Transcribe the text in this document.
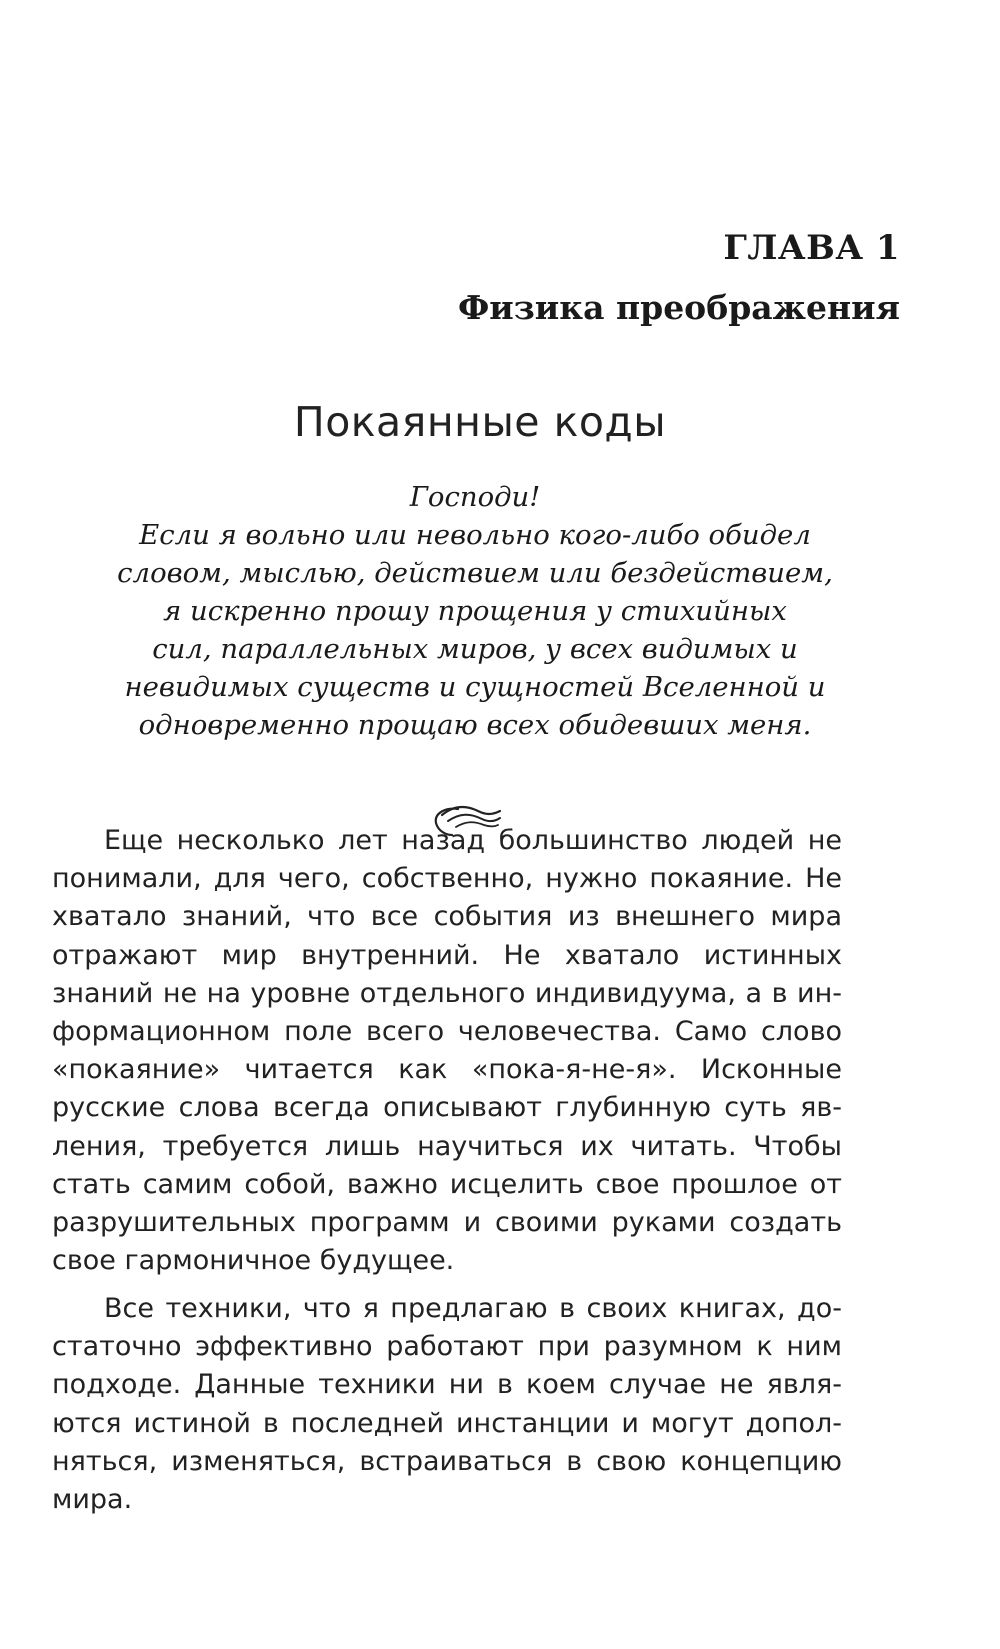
ГЛАВА 1
Физика преображения
Покаянные коды
Господи!
Если я вольно или невольно кого-либо обидел
словом, мыслью, действием или бездействием,
я искренно прошу прощения у стихийных
сил, параллельных миров, у всех видимых и
невидимых существ и сущностей Вселенной и
одновременно прощаю всех обидевших меня.
Еще несколько лет назад большинство людей не
понимали, для чего, собственно, нужно покаяние. Не
хватало знаний, что все события из внешнего мира
отражают мир внутренний. Не хватало истинных
знаний не на уровне отдельного индивидуума, а в ин-
формационном поле всего человечества. Само слово
«покаяние» читается как «пока-я-не-я». Исконные
русские слова всегда описывают глубинную суть яв-
ления, требуется лишь научиться их читать. Чтобы
стать самим собой, важно исцелить свое прошлое от
разрушительных программ и своими руками создать
свое гармоничное будущее.
Все техники, что я предлагаю в своих книгах, до-
статочно эффективно работают при разумном к ним
подходе. Данные техники ни в коем случае не явля-
ются истиной в последней инстанции и могут допол-
няться, изменяться, встраиваться в свою концепцию
мира.
